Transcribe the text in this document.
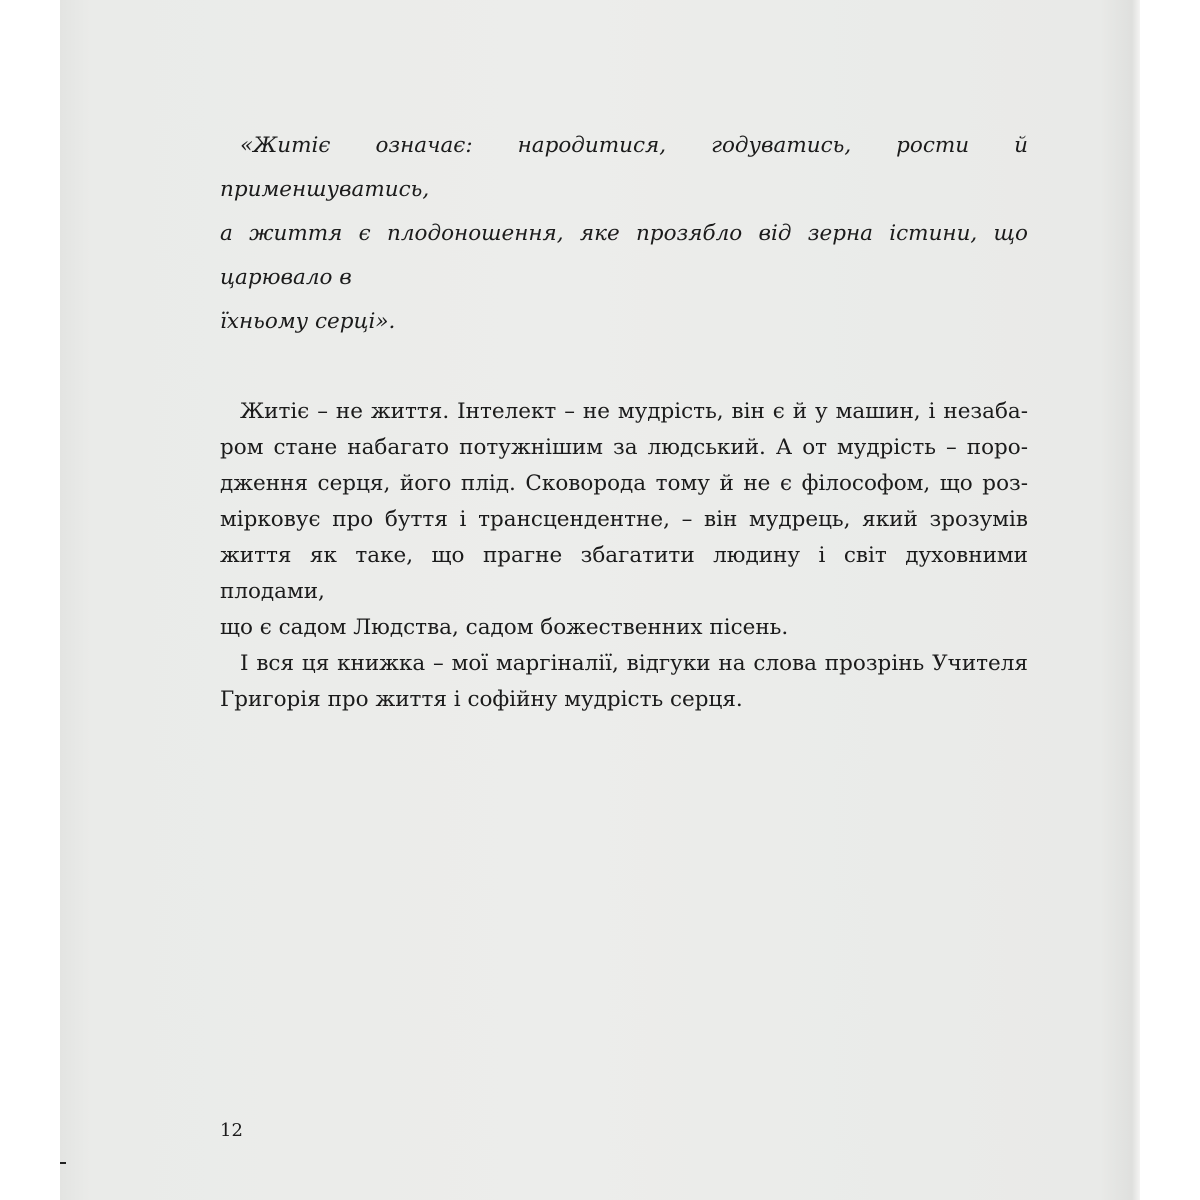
«Житіє означає: народитися, годуватись, рости й применшуватись,
а життя є плодоношення, яке прозябло від зерна істини, що царювало в
їхньому серці».

Житіє – не життя. Інтелект – не мудрість, він є й у машин, і незаба-
ром стане набагато потужнішим за людський. А от мудрість – поро-
дження серця, його плід. Сковорода тому й не є філософом, що роз-
мірковує про буття і трансцендентне, – він мудрець, який зрозумів
життя як таке, що прагне збагатити людину і світ духовними плодами,
що є садом Людства, садом божественних пісень.

І вся ця книжка – мої маргіналії, відгуки на слова прозрінь Учителя
Григорія про життя і софійну мудрість серця.

12
